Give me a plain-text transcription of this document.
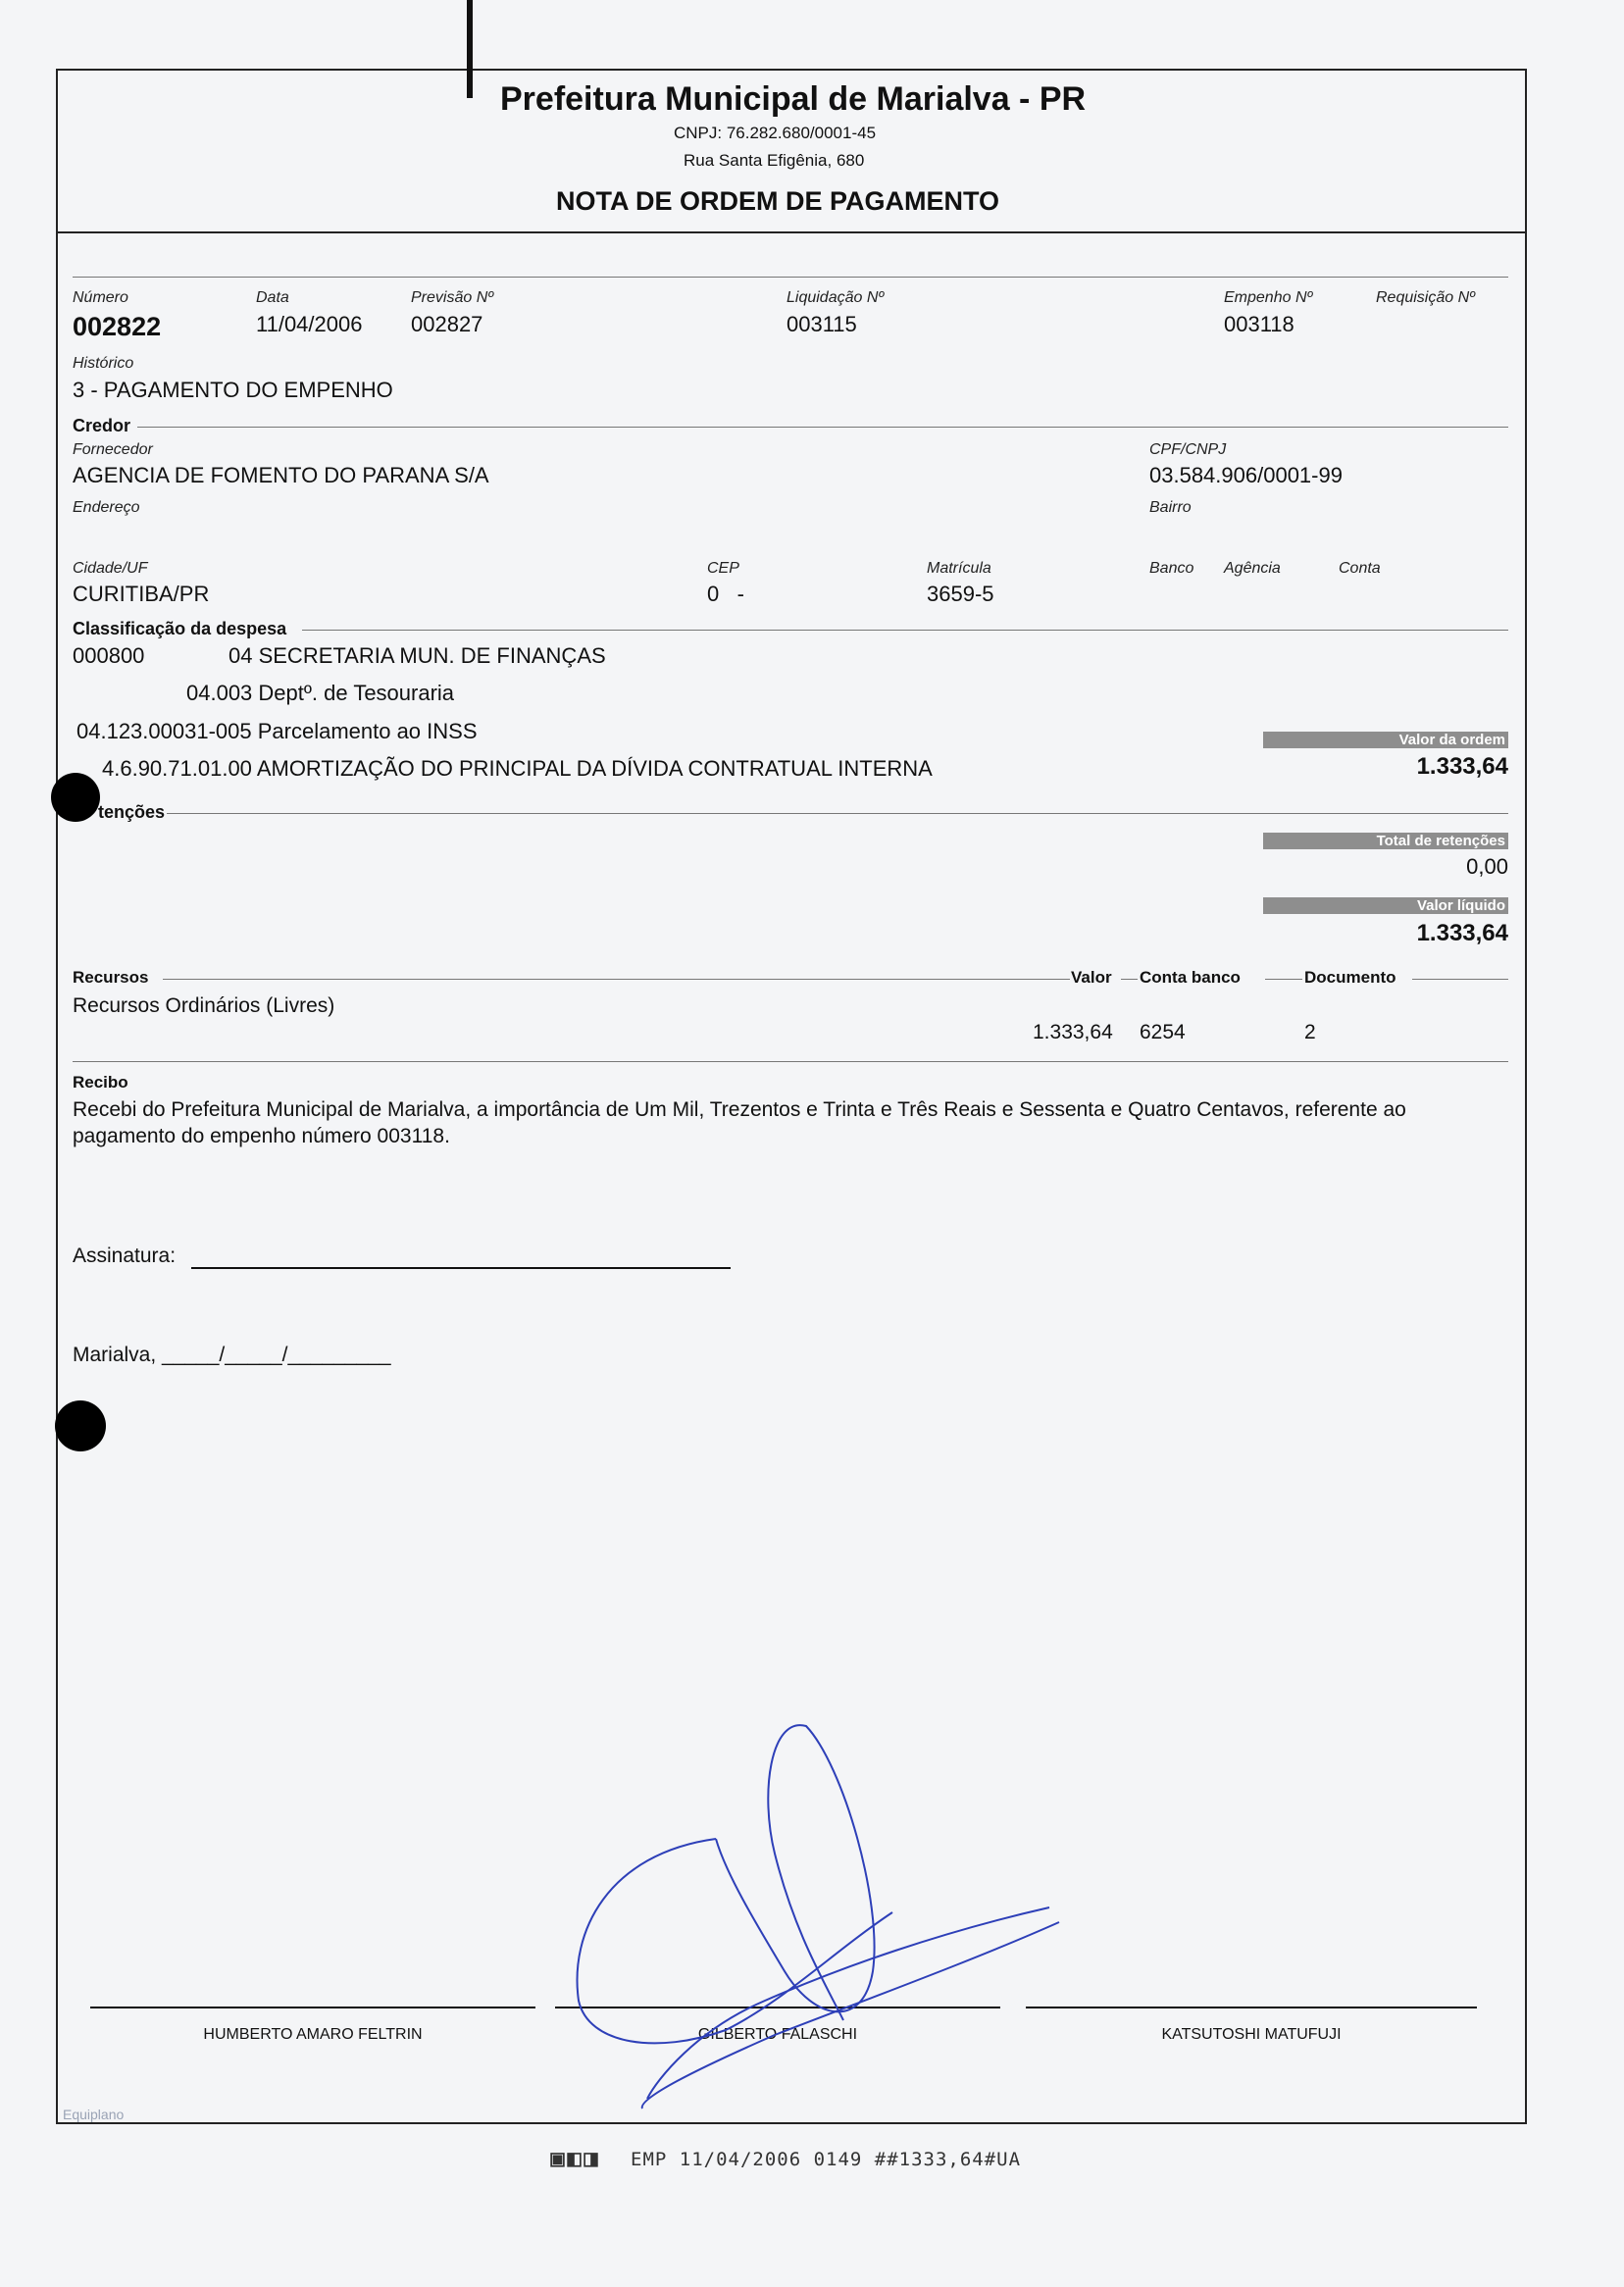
Prefeitura Municipal de Marialva - PR
CNPJ: 76.282.680/0001-45
Rua Santa Efigênia, 680
NOTA DE ORDEM DE PAGAMENTO
Número
002822
Data
11/04/2006
Previsão Nº
002827
Liquidação Nº
003115
Empenho Nº
003118
Requisição Nº
Histórico
3 - PAGAMENTO DO EMPENHO
Credor
Fornecedor
AGENCIA DE FOMENTO DO PARANA S/A
CPF/CNPJ
03.584.906/0001-99
Endereço	Bairro
Cidade/UF
CURITIBA/PR
CEP
0   -
Matrícula
3659-5
Banco Agência	Conta
Classificação da despesa
000800	04 SECRETARIA MUN. DE FINANÇAS
04.003 Deptº. de Tesouraria
04.123.00031-005 Parcelamento ao INSS
4.6.90.71.01.00 AMORTIZAÇÃO DO PRINCIPAL DA DÍVIDA CONTRATUAL INTERNA
Valor da ordem
1.333,64
tenções
Total de retenções
0,00
Valor líquido
1.333,64
Recursos	Valor Conta banco	Documento
Recursos Ordinários (Livres)
1.333,64 6254	2
Recibo
Recebi do Prefeitura Municipal de Marialva, a importância de Um Mil, Trezentos e Trinta e Três Reais e Sessenta e Quatro Centavos, referente ao pagamento do empenho número 003118.
Assinatura:
Marialva, _____/_____/_________
HUMBERTO AMARO FELTRIN	GILBERTO FALASCHI	KATSUTOSHI MATUFUJI
Equiplano
▣◧◨ EMP 11/04/2006 0149 ##1333,64#UA
